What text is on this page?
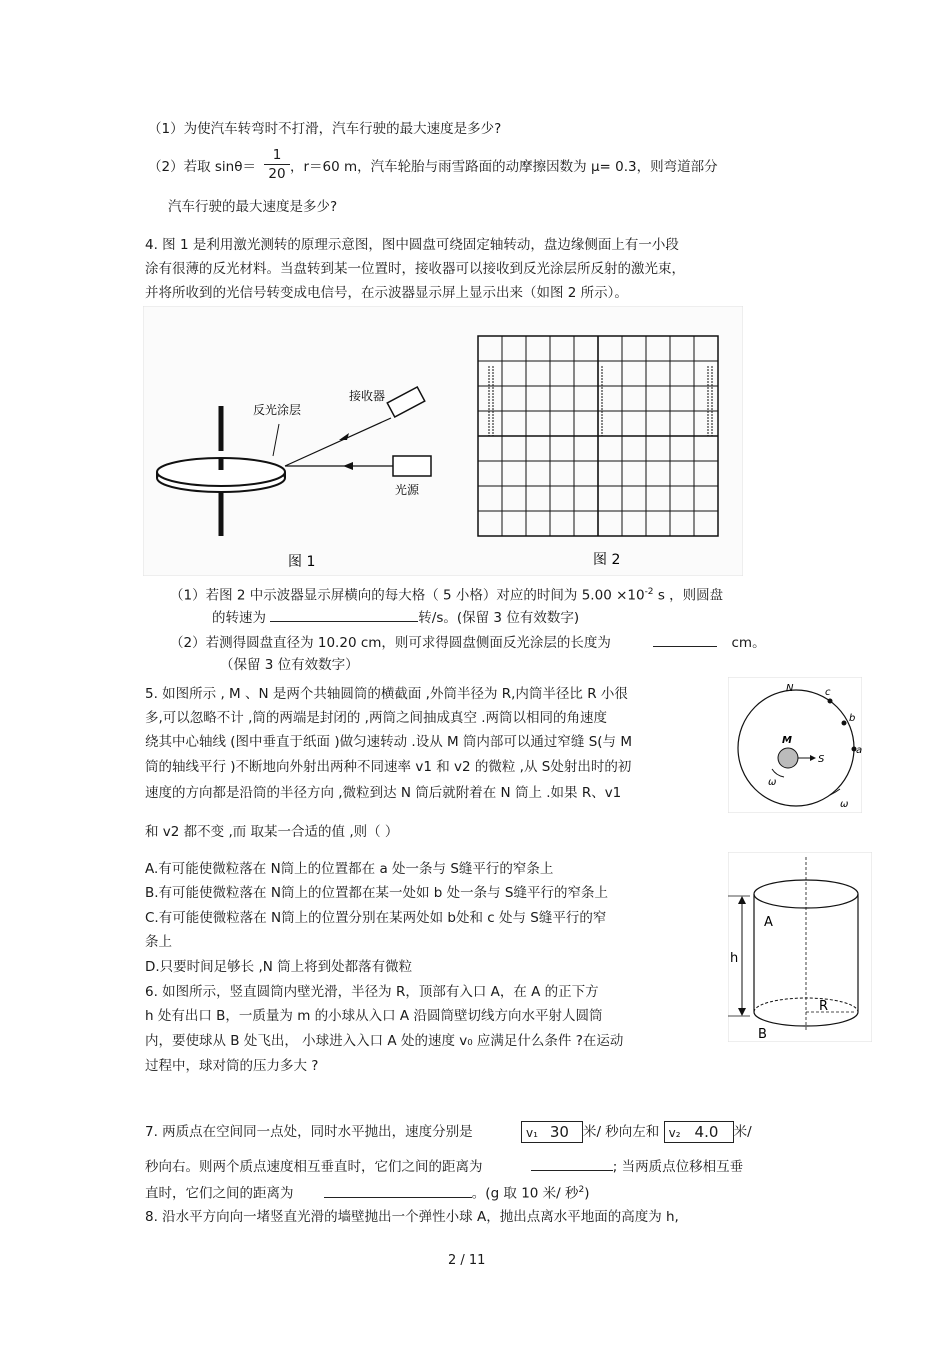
（1）为使汽车转弯时不打滑，汽车行驶的最大速度是多少?
（2）若取 sinθ＝
1
20 ，r＝60 m，汽车轮胎与雨雪路面的动摩擦因数为 μ= 0.3，则弯道部分
汽车行驶的最大速度是多少?
4. 图 1 是利用激光测转的原理示意图，图中圆盘可绕固定轴转动，盘边缘侧面上有一小段
涂有很薄的反光材料。当盘转到某一位置时，接收器可以接收到反光涂层所反射的激光束，
并将所收到的光信号转变成电信号，在示波器显示屏上显示出来（如图 2 所示）。
反光涂层
接收器
光源
图 1	图 2
（1）若图 2 中示波器显示屏横向的每大格（ 5 小格）对应的时间为 $5.00 \times 10^{-2}$ s ，则圆盘
的转速为	转/s。(保留 3 位有效数字)
（2）若测得圆盘直径为 10.20 cm，则可求得圆盘侧面反光涂层的长度为	cm。
（保留 3 位有效数字）
5. 如图所示 , M 、N 是两个共轴圆筒的横截面 ,外筒半径为 R,内筒半径比 R 小很
多,可以忽略不计 ,筒的两端是封闭的 ,两筒之间抽成真空 .两筒以相同的角速度
绕其中心轴线 (图中垂直于纸面 )做匀速转动 .设从 M 筒内部可以通过窄缝 S(与 M
筒的轴线平行 )不断地向外射出两种不同速率 v1 和 v2 的微粒 ,从 S处射出时的初
速度的方向都是沿筒的半径方向 ,微粒到达 N 筒后就附着在 N 筒上 .如果 R、v1
和 v2 都不变 ,而 取某一合适的值 ,则（ ）
A.有可能使微粒落在 N筒上的位置都在 a 处一条与 S缝平行的窄条上
B.有可能使微粒落在 N筒上的位置都在某一处如 b 处一条与 S缝平行的窄条上
C.有可能使微粒落在 N筒上的位置分别在某两处如 b处和 c 处与 S缝平行的窄
条上
D.只要时间足够长 ,N 筒上将到处都落有微粒
N
M
S
a
b
c
ω
ω
6. 如图所示，竖直圆筒内壁光滑，半径为 R，顶部有入口 A，在 A 的正下方
h 处有出口 B，一质量为 m 的小球从入口 A 沿圆筒壁切线方向水平射人圆筒
内，要使球从 B 处飞出， 小球进入入口 A 处的速度 v₀ 应满足什么条件 ?在运动
过程中，球对筒的压力多大 ?
A
h
R
B
7. 两质点在空间同一点处，同时水平抛出，速度分别是	v₁ 30 米/ 秒向左和 v₂ 4.0 米/
秒向右。则两个质点速度相互垂直时，它们之间的距离为	; 当两质点位移相互垂
直时，它们之间的距离为	。(g 取 10 米/ 秒$^2$)
8. 沿水平方向向一堵竖直光滑的墙壁抛出一个弹性小球 A，抛出点离水平地面的高度为 h,
2 / 11
